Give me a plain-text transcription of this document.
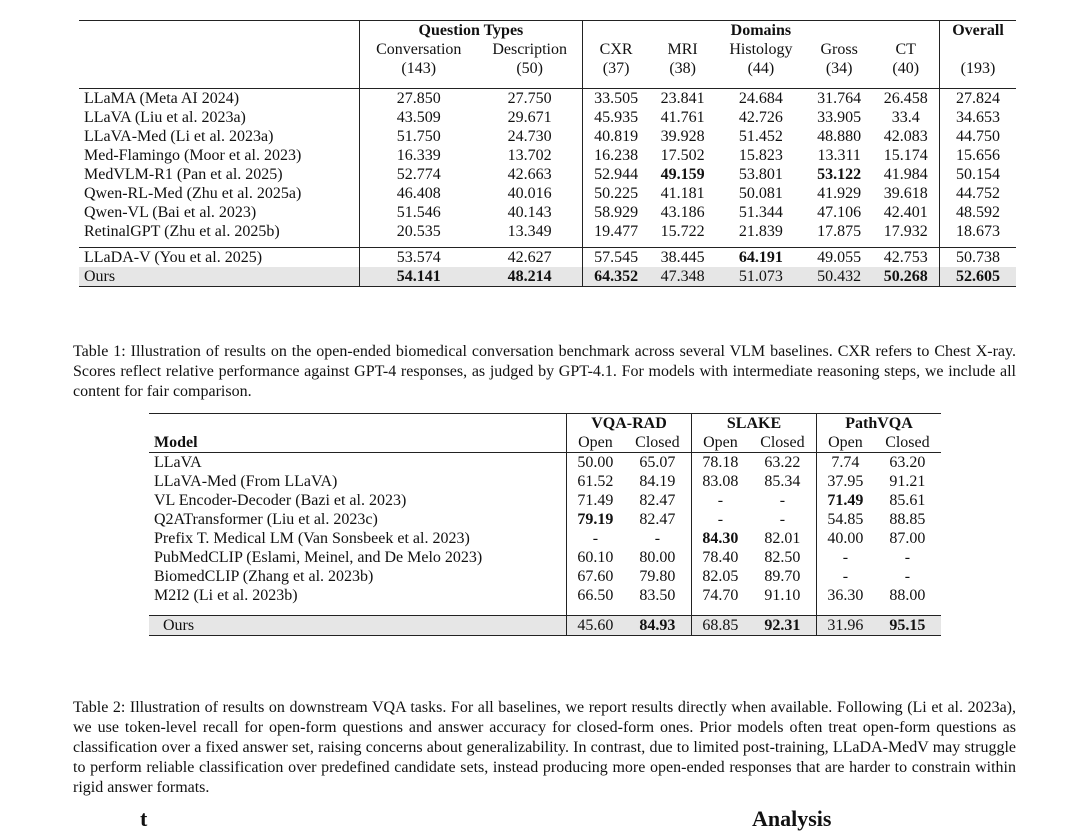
	Question Types		Domains					Overall
	Conversation	Description	CXR	MRI	Histology	Gross	CT	
	(143)	(50)	(37)	(38)	(44)	(34)	(40)	(193)

LLaMA (Meta AI 2024)	27.850	27.750	33.505	23.841	24.684	31.764	26.458	27.824
LLaVA (Liu et al. 2023a)	43.509	29.671	45.935	41.761	42.726	33.905	33.4	34.653
LLaVA-Med (Li et al. 2023a)	51.750	24.730	40.819	39.928	51.452	48.880	42.083	44.750
Med-Flamingo (Moor et al. 2023)	16.339	13.702	16.238	17.502	15.823	13.311	15.174	15.656
MedVLM-R1 (Pan et al. 2025)	52.774	42.663	52.944	49.159	53.801	53.122	41.984	50.154
Qwen-RL-Med (Zhu et al. 2025a)	46.408	40.016	50.225	41.181	50.081	41.929	39.618	44.752
Qwen-VL (Bai et al. 2023)	51.546	40.143	58.929	43.186	51.344	47.106	42.401	48.592
RetinalGPT (Zhu et al. 2025b)	20.535	13.349	19.477	15.722	21.839	17.875	17.932	18.673

LLaDA-V (You et al. 2025)	53.574	42.627	57.545	38.445	64.191	49.055	42.753	50.738
Ours	54.141	48.214	64.352	47.348	51.073	50.432	50.268	52.605

Table 1: Illustration of results on the open-ended biomedical conversation benchmark across several VLM baselines. CXR refers to Chest X-ray. Scores reflect relative performance against GPT-4 responses, as judged by GPT-4.1. For models with intermediate reasoning steps, we include all content for fair comparison.

	VQA-RAD		SLAKE		PathVQA	
Model	Open	Closed	Open	Closed	Open	Closed
LLaVA	50.00	65.07	78.18	63.22	7.74	63.20
LLaVA-Med (From LLaVA)	61.52	84.19	83.08	85.34	37.95	91.21
VL Encoder-Decoder (Bazi et al. 2023)	71.49	82.47	-	-	71.49	85.61
Q2ATransformer (Liu et al. 2023c)	79.19	82.47	-	-	54.85	88.85
Prefix T. Medical LM (Van Sonsbeek et al. 2023)	-	-	84.30	82.01	40.00	87.00
PubMedCLIP (Eslami, Meinel, and De Melo 2023)	60.10	80.00	78.40	82.50	-	-
BiomedCLIP (Zhang et al. 2023b)	67.60	79.80	82.05	89.70	-	-
M2I2 (Li et al. 2023b)	66.50	83.50	74.70	91.10	36.30	88.00

Ours	45.60	84.93	68.85	92.31	31.96	95.15

Table 2: Illustration of results on downstream VQA tasks. For all baselines, we report results directly when available. Following (Li et al. 2023a), we use token-level recall for open-form questions and answer accuracy for closed-form ones. Prior models often treat open-form questions as classification over a fixed answer set, raising concerns about generalizability. In contrast, due to limited post-training, LLaDA-MedV may struggle to perform reliable classification over predefined candidate sets, instead producing more open-ended responses that are harder to constrain within rigid answer formats.

t	Analysis
